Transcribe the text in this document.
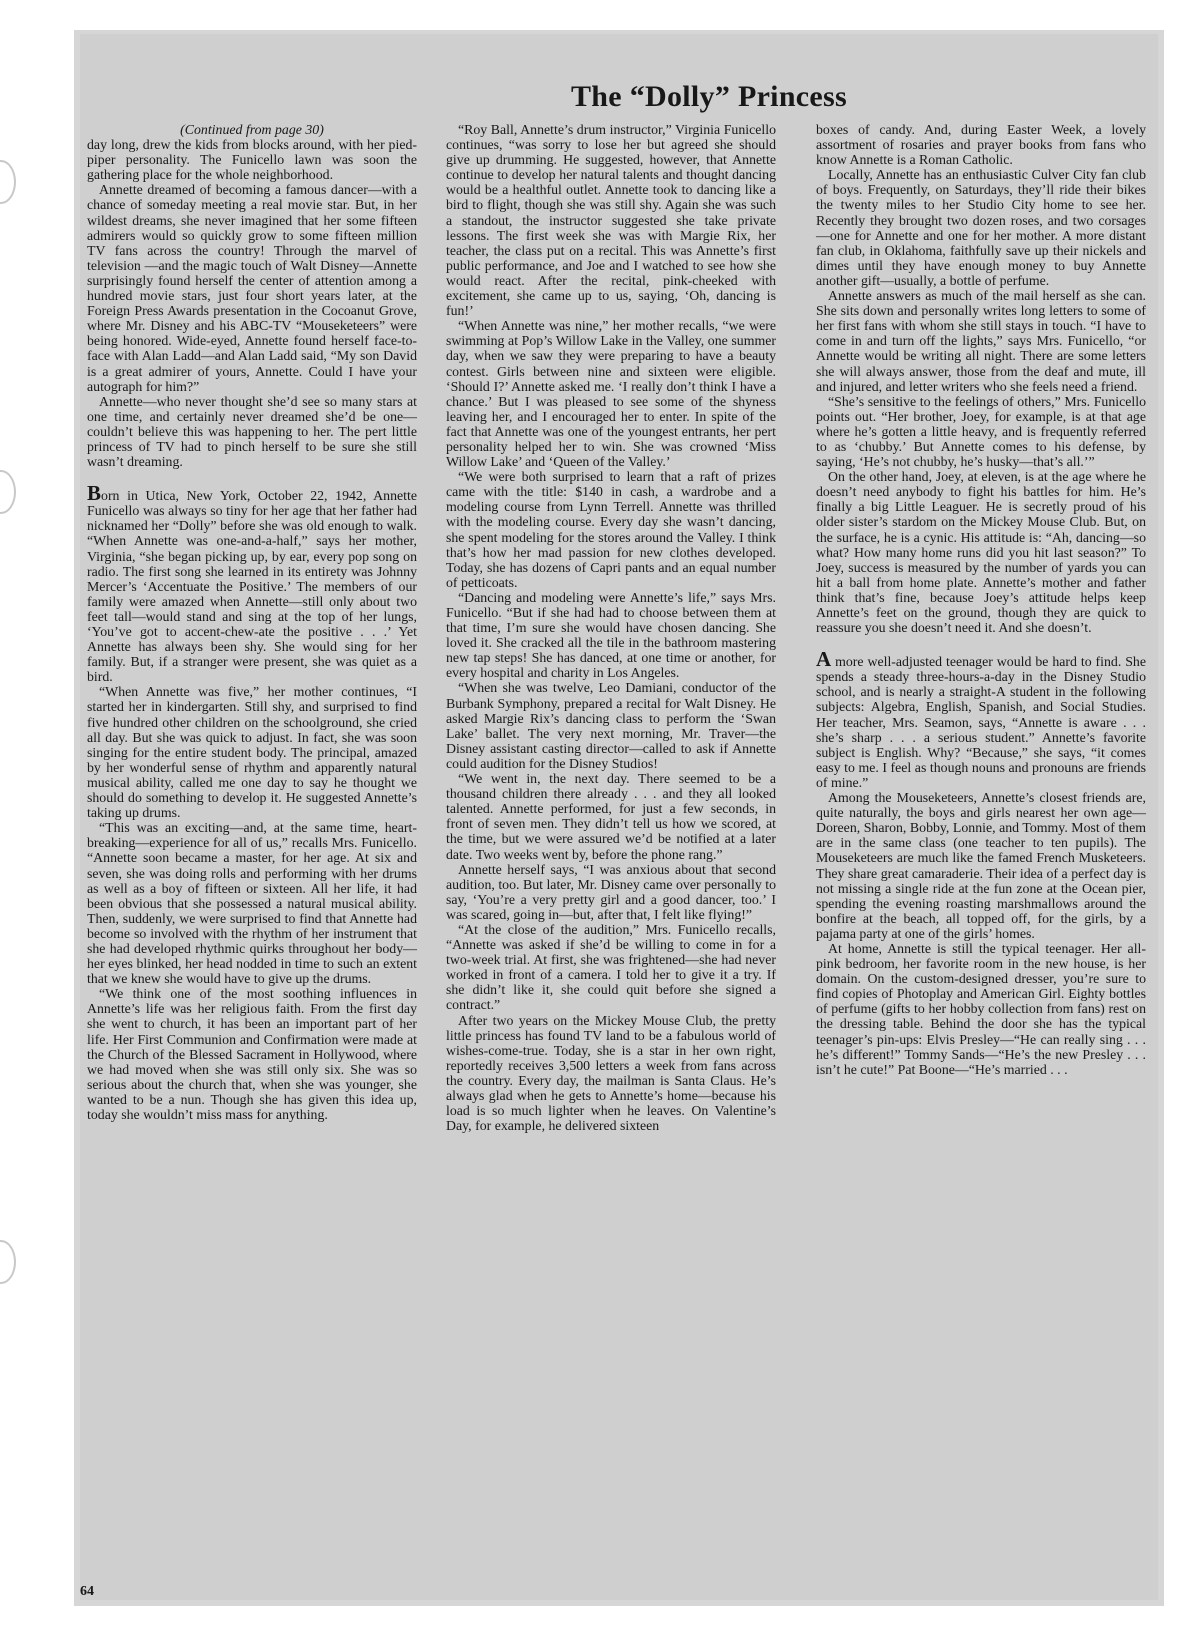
The “Dolly” Princess

(Continued from page 30)

day long, drew the kids from blocks around, with her pied-piper personality. The Funicello lawn was soon the gathering place for the whole neighborhood.

Annette dreamed of becoming a famous dancer—with a chance of someday meeting a real movie star. But, in her wildest dreams, she never imagined that her some fifteen admirers would so quickly grow to some fifteen million TV fans across the country! Through the marvel of television —and the magic touch of Walt Disney—Annette surprisingly found herself the center of attention among a hundred movie stars, just four short years later, at the Foreign Press Awards presentation in the Cocoanut Grove, where Mr. Disney and his ABC-TV “Mouseketeers” were being honored. Wide-eyed, Annette found herself face-to-face with Alan Ladd—and Alan Ladd said, “My son David is a great admirer of yours, Annette. Could I have your autograph for him?”

Annette—who never thought she’d see so many stars at one time, and certainly never dreamed she’d be one—couldn’t believe this was happening to her. The pert little princess of TV had to pinch herself to be sure she still wasn’t dreaming.

Born in Utica, New York, October 22, 1942, Annette Funicello was always so tiny for her age that her father had nicknamed her “Dolly” before she was old enough to walk. “When Annette was one-and-a-half,” says her mother, Virginia, “she began picking up, by ear, every pop song on radio. The first song she learned in its entirety was Johnny Mercer’s ‘Accentuate the Positive.’ The members of our family were amazed when Annette—still only about two feet tall—would stand and sing at the top of her lungs, ‘You’ve got to accent-chew-ate the positive . . .’ Yet Annette has always been shy. She would sing for her family. But, if a stranger were present, she was quiet as a bird.

“When Annette was five,” her mother continues, “I started her in kindergarten. Still shy, and surprised to find five hundred other children on the schoolground, she cried all day. But she was quick to adjust. In fact, she was soon singing for the entire student body. The principal, amazed by her wonderful sense of rhythm and apparently natural musical ability, called me one day to say he thought we should do something to develop it. He suggested Annette’s taking up drums.

“This was an exciting—and, at the same time, heart-breaking—experience for all of us,” recalls Mrs. Funicello. “Annette soon became a master, for her age. At six and seven, she was doing rolls and performing with her drums as well as a boy of fifteen or sixteen. All her life, it had been obvious that she possessed a natural musical ability. Then, suddenly, we were surprised to find that Annette had become so involved with the rhythm of her instrument that she had developed rhythmic quirks throughout her body—her eyes blinked, her head nodded in time to such an extent that we knew she would have to give up the drums.

“We think one of the most soothing influences in Annette’s life was her religious faith. From the first day she went to church, it has been an important part of her life. Her First Communion and Confirmation were made at the Church of the Blessed Sacrament in Hollywood, where we had moved when she was still only six. She was so serious about the church that, when she was younger, she wanted to be a nun. Though she has given this idea up, today she wouldn’t miss mass for anything.

“Roy Ball, Annette’s drum instructor,” Virginia Funicello continues, “was sorry to lose her but agreed she should give up drumming. He suggested, however, that Annette continue to develop her natural talents and thought dancing would be a healthful outlet. Annette took to dancing like a bird to flight, though she was still shy. Again she was such a standout, the instructor suggested she take private lessons. The first week she was with Margie Rix, her teacher, the class put on a recital. This was Annette’s first public performance, and Joe and I watched to see how she would react. After the recital, pink-cheeked with excitement, she came up to us, saying, ‘Oh, dancing is fun!’

“When Annette was nine,” her mother recalls, “we were swimming at Pop’s Willow Lake in the Valley, one summer day, when we saw they were preparing to have a beauty contest. Girls between nine and sixteen were eligible. ‘Should I?’ Annette asked me. ‘I really don’t think I have a chance.’ But I was pleased to see some of the shyness leaving her, and I encouraged her to enter. In spite of the fact that Annette was one of the youngest entrants, her pert personality helped her to win. She was crowned ‘Miss Willow Lake’ and ‘Queen of the Valley.’

“We were both surprised to learn that a raft of prizes came with the title: $140 in cash, a wardrobe and a modeling course from Lynn Terrell. Annette was thrilled with the modeling course. Every day she wasn’t dancing, she spent modeling for the stores around the Valley. I think that’s how her mad passion for new clothes developed. Today, she has dozens of Capri pants and an equal number of petticoats.

“Dancing and modeling were Annette’s life,” says Mrs. Funicello. “But if she had had to choose between them at that time, I’m sure she would have chosen dancing. She loved it. She cracked all the tile in the bathroom mastering new tap steps! She has danced, at one time or another, for every hospital and charity in Los Angeles.

“When she was twelve, Leo Damiani, conductor of the Burbank Symphony, prepared a recital for Walt Disney. He asked Margie Rix’s dancing class to perform the ‘Swan Lake’ ballet. The very next morning, Mr. Traver—the Disney assistant casting director—called to ask if Annette could audition for the Disney Studios!

“We went in, the next day. There seemed to be a thousand children there already . . . and they all looked talented. Annette performed, for just a few seconds, in front of seven men. They didn’t tell us how we scored, at the time, but we were assured we’d be notified at a later date. Two weeks went by, before the phone rang.”

Annette herself says, “I was anxious about that second audition, too. But later, Mr. Disney came over personally to say, ‘You’re a very pretty girl and a good dancer, too.’ I was scared, going in—but, after that, I felt like flying!”

“At the close of the audition,” Mrs. Funicello recalls, “Annette was asked if she’d be willing to come in for a two-week trial. At first, she was frightened—she had never worked in front of a camera. I told her to give it a try. If she didn’t like it, she could quit before she signed a contract.”

After two years on the Mickey Mouse Club, the pretty little princess has found TV land to be a fabulous world of wishes-come-true. Today, she is a star in her own right, reportedly receives 3,500 letters a week from fans across the country. Every day, the mailman is Santa Claus. He’s always glad when he gets to Annette’s home—because his load is so much lighter when he leaves. On Valentine’s Day, for example, he delivered sixteen

boxes of candy. And, during Easter Week, a lovely assortment of rosaries and prayer books from fans who know Annette is a Roman Catholic.

Locally, Annette has an enthusiastic Culver City fan club of boys. Frequently, on Saturdays, they’ll ride their bikes the twenty miles to her Studio City home to see her. Recently they brought two dozen roses, and two corsages—one for Annette and one for her mother. A more distant fan club, in Oklahoma, faithfully save up their nickels and dimes until they have enough money to buy Annette another gift—usually, a bottle of perfume.

Annette answers as much of the mail herself as she can. She sits down and personally writes long letters to some of her first fans with whom she still stays in touch. “I have to come in and turn off the lights,” says Mrs. Funicello, “or Annette would be writing all night. There are some letters she will always answer, those from the deaf and mute, ill and injured, and letter writers who she feels need a friend.

“She’s sensitive to the feelings of others,” Mrs. Funicello points out. “Her brother, Joey, for example, is at that age where he’s gotten a little heavy, and is frequently referred to as ‘chubby.’ But Annette comes to his defense, by saying, ‘He’s not chubby, he’s husky—that’s all.’”

On the other hand, Joey, at eleven, is at the age where he doesn’t need anybody to fight his battles for him. He’s finally a big Little Leaguer. He is secretly proud of his older sister’s stardom on the Mickey Mouse Club. But, on the surface, he is a cynic. His attitude is: “Ah, dancing—so what? How many home runs did you hit last season?” To Joey, success is measured by the number of yards you can hit a ball from home plate. Annette’s mother and father think that’s fine, because Joey’s attitude helps keep Annette’s feet on the ground, though they are quick to reassure you she doesn’t need it. And she doesn’t.

A more well-adjusted teenager would be hard to find. She spends a steady three-hours-a-day in the Disney Studio school, and is nearly a straight-A student in the following subjects: Algebra, English, Spanish, and Social Studies. Her teacher, Mrs. Seamon, says, “Annette is aware . . . she’s sharp . . . a serious student.” Annette’s favorite subject is English. Why? “Because,” she says, “it comes easy to me. I feel as though nouns and pronouns are friends of mine.”

Among the Mouseketeers, Annette’s closest friends are, quite naturally, the boys and girls nearest her own age—Doreen, Sharon, Bobby, Lonnie, and Tommy. Most of them are in the same class (one teacher to ten pupils). The Mouseketeers are much like the famed French Musketeers. They share great camaraderie. Their idea of a perfect day is not missing a single ride at the fun zone at the Ocean pier, spending the evening roasting marshmallows around the bonfire at the beach, all topped off, for the girls, by a pajama party at one of the girls’ homes.

At home, Annette is still the typical teenager. Her all-pink bedroom, her favorite room in the new house, is her domain. On the custom-designed dresser, you’re sure to find copies of Photoplay and American Girl. Eighty bottles of perfume (gifts to her hobby collection from fans) rest on the dressing table. Behind the door she has the typical teenager’s pin-ups: Elvis Presley—“He can really sing . . . he’s different!” Tommy Sands—“He’s the new Presley . . . isn’t he cute!” Pat Boone—“He’s married . . .

64
